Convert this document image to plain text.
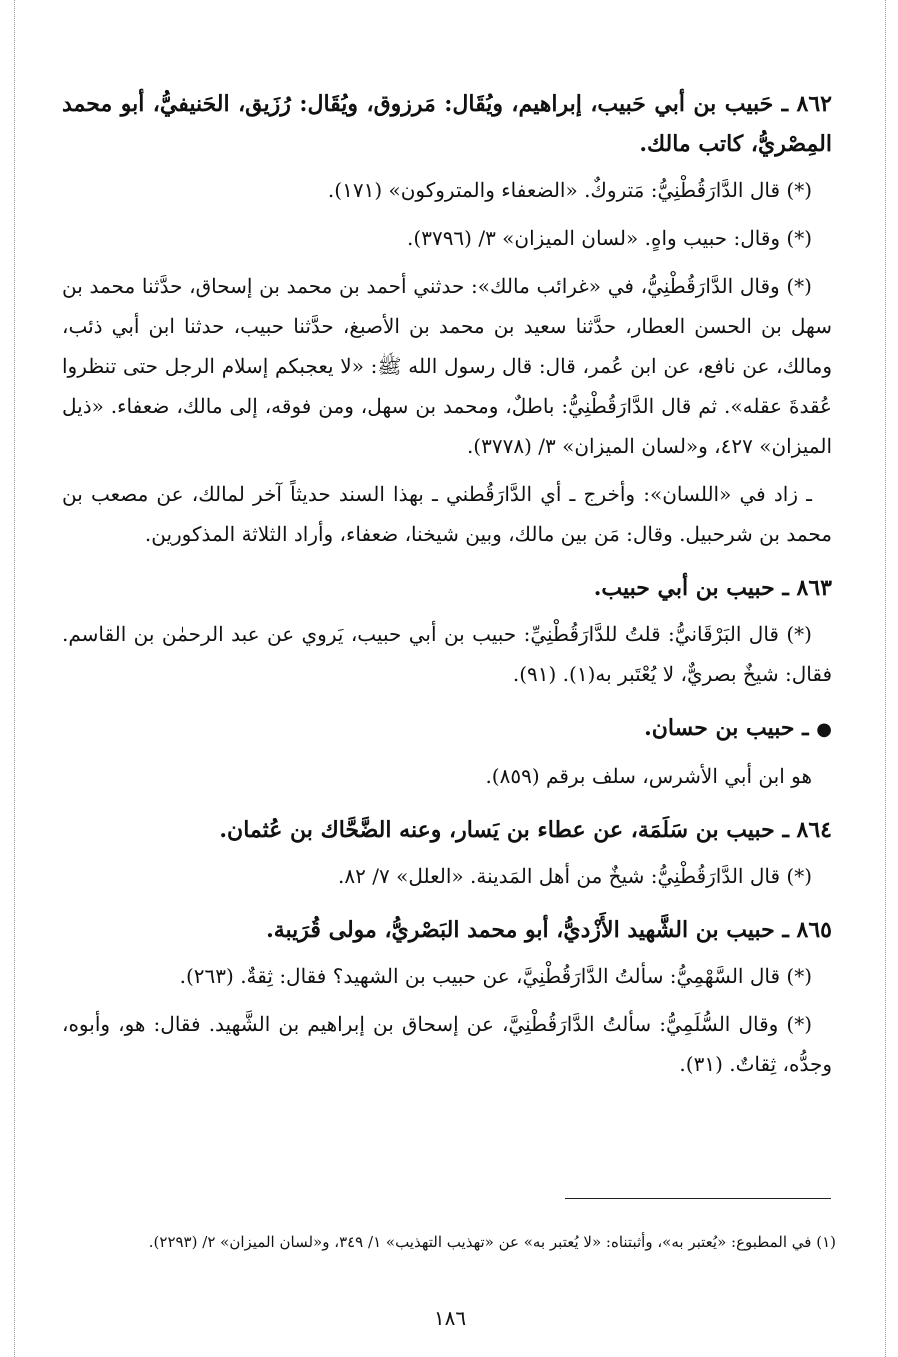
٨٦٢ ـ حَبيب بن أبي حَبيب، إبراهيم، ويُقَال: مَرزوق، ويُقَال: رُزَيق، الحَنيفيُّ، أبو محمد المِصْريُّ، كاتب مالك.

(*) قال الدَّارَقُطْنِيُّ: مَتروكٌ. «الضعفاء والمتروكون» (١٧١).

(*) وقال: حبيب واهٍ. «لسان الميزان» ٣/ (٣٧٩٦).

(*) وقال الدَّارَقُطْنِيُّ، في «غرائب مالك»: حدثني أحمد بن محمد بن إسحاق، حدَّثنا محمد بن سهل بن الحسن العطار، حدَّثنا سعيد بن محمد بن الأصبغ، حدَّثنا حبيب، حدثنا ابن أبي ذئب، ومالك، عن نافع، عن ابن عُمر، قال: قال رسول الله ﷺ: «لا يعجبكم إسلام الرجل حتى تنظروا عُقدةَ عقله». ثم قال الدَّارَقُطْنِيُّ: باطلٌ، ومحمد بن سهل، ومن فوقه، إلى مالك، ضعفاء. «ذيل الميزان» ٤٢٧، و«لسان الميزان» ٣/ (٣٧٧٨).

ـ زاد في «اللسان»: وأخرج ـ أي الدَّارَقُطني ـ بهذا السند حديثاً آخر لمالك، عن مصعب بن محمد بن شرحبيل. وقال: مَن بين مالك، وبين شيخنا، ضعفاء، وأراد الثلاثة المذكورين.

٨٦٣ ـ حبيب بن أبي حبيب.

(*) قال البَرْقَانيُّ: قلتُ للدَّارَقُطْنِيِّ: حبيب بن أبي حبيب، يَروي عن عبد الرحمٰن بن القاسم. فقال: شيخٌ بصريٌّ، لا يُعْتَبر به(١). (٩١).

● ـ حبيب بن حسان.

هو ابن أبي الأشرس، سلف برقم (٨٥٩).

٨٦٤ ـ حبيب بن سَلَمَة، عن عطاء بن يَسار، وعنه الضَّحَّاك بن عُثمان.

(*) قال الدَّارَقُطْنِيُّ: شيخٌ من أهل المَدينة. «العلل» ٧/ ٨٢.

٨٦٥ ـ حبيب بن الشَّهيد الأَزْديُّ، أبو محمد البَصْريُّ، مولى قُرَيبة.

(*) قال السَّهْمِيُّ: سألتُ الدَّارَقُطْنِيَّ، عن حبيب بن الشهيد؟ فقال: ثِقةٌ. (٢٦٣).

(*) وقال السُّلَمِيُّ: سألتُ الدَّارَقُطْنِيَّ، عن إسحاق بن إبراهيم بن الشَّهيد. فقال: هو، وأبوه، وجدُّه، ثِقاتٌ. (٣١).

(١) في المطبوع: «يُعتبر به»، وأثبتناه: «لا يُعتبر به» عن «تهذيب التهذيب» ١/ ٣٤٩، و«لسان الميزان» ٢/ (٢٢٩٣).

١٨٦
